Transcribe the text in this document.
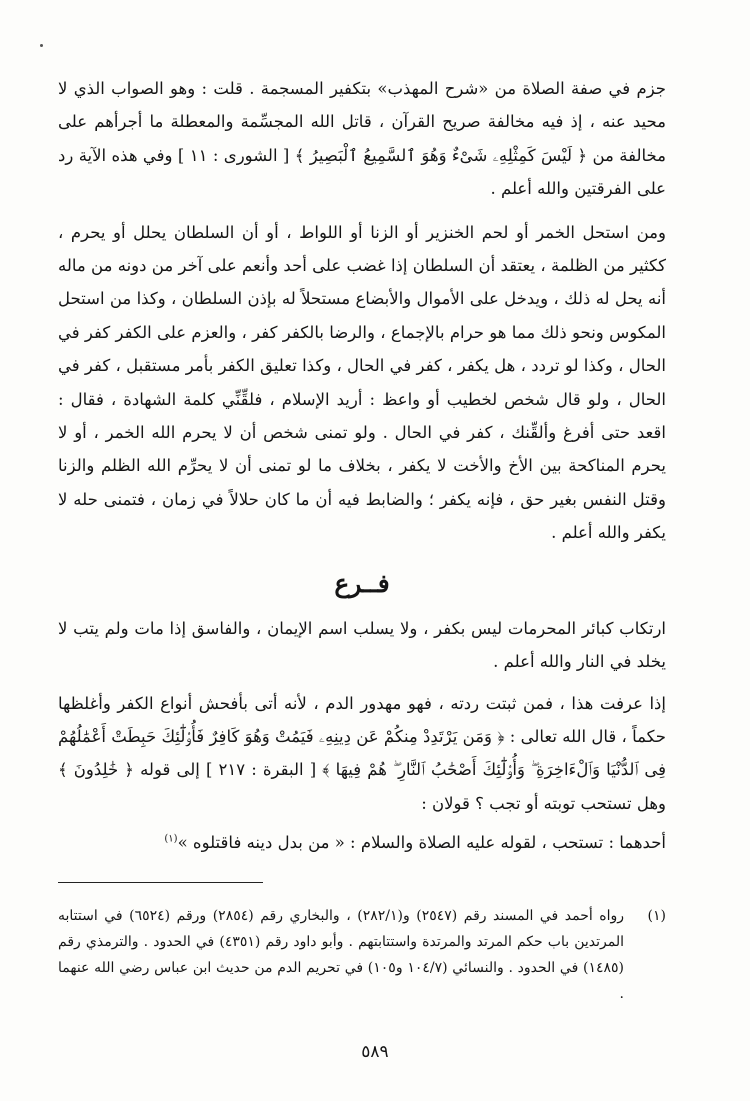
جزم في صفة الصلاة من «شرح المهذب» بتكفير المسجمة . قلت : وهو الصواب الذي لا محيد عنه ، إذ فيه مخالفة صريح القرآن ، قاتل الله المجسِّمة والمعطلة ما أجرأهم على مخالفة من ﴿ لَيْسَ كَمِثْلِهِۦ شَىْءٌ وَهُوَ ٱلسَّمِيعُ ٱلْبَصِيرُ ﴾ [ الشورى : ١١ ] وفي هذه الآية رد على الفرقتين والله أعلم .

ومن استحل الخمر أو لحم الخنزير أو الزنا أو اللواط ، أو أن السلطان يحلل أو يحرم ، ككثير من الظلمة ، يعتقد أن السلطان إذا غضب على أحد وأنعم على آخر من دونه من ماله أنه يحل له ذلك ، ويدخل على الأموال والأبضاع مستحلاً له بإذن السلطان ، وكذا من استحل المكوس ونحو ذلك مما هو حرام بالإجماع ، والرضا بالكفر كفر ، والعزم على الكفر كفر في الحال ، وكذا لو تردد ، هل يكفر ، كفر في الحال ، وكذا تعليق الكفر بأمر مستقبل ، كفر في الحال ، ولو قال شخص لخطيب أو واعظ : أريد الإسلام ، فلقِّنِّي كلمة الشهادة ، فقال : اقعد حتى أفرغ وألقِّنك ، كفر في الحال . ولو تمنى شخص أن لا يحرم الله الخمر ، أو لا يحرم المناكحة بين الأخ والأخت لا يكفر ، بخلاف ما لو تمنى أن لا يحرِّم الله الظلم والزنا وقتل النفس بغير حق ، فإنه يكفر ؛ والضابط فيه أن ما كان حلالاً في زمان ، فتمنى حله لا يكفر والله أعلم .

فــرع

ارتكاب كبائر المحرمات ليس بكفر ، ولا يسلب اسم الإيمان ، والفاسق إذا مات ولم يتب لا يخلد في النار والله أعلم .

إذا عرفت هذا ، فمن ثبتت ردته ، فهو مهدور الدم ، لأنه أتى بأفحش أنواع الكفر وأغلظها حكماً ، قال الله تعالى : ﴿ وَمَن يَرْتَدِدْ مِنكُمْ عَن دِينِهِۦ فَيَمُتْ وَهُوَ كَافِرٌ فَأُو۟لَٰٓئِكَ حَبِطَتْ أَعْمَٰلُهُمْ فِى ٱلدُّنْيَا وَٱلْءَاخِرَةِ ۖ وَأُو۟لَٰٓئِكَ أَصْحَٰبُ ٱلنَّارِ ۖ هُمْ فِيهَا ﴾ [ البقرة : ٢١٧ ] إلى قوله ﴿ خَٰلِدُونَ ﴾ وهل تستحب توبته أو تجب ؟ قولان :

أحدهما : تستحب ، لقوله عليه الصلاة والسلام : « من بدل دينه فاقتلوه »$^{(١)}$

(١)
رواه أحمد في المسند رقم (٢٥٤٧) و(٢٨٢/١) ، والبخاري رقم (٢٨٥٤) ورقم (٦٥٢٤) في استتابه المرتدين باب حكم المرتد والمرتدة واستتابتهم . وأبو داود رقم (٤٣٥١) في الحدود . والترمذي رقم (١٤٨٥) في الحدود . والنسائي (١٠٤/٧ و١٠٥) في تحريم الدم من حديث ابن عباس رضي الله عنهما .
٥٨٩
